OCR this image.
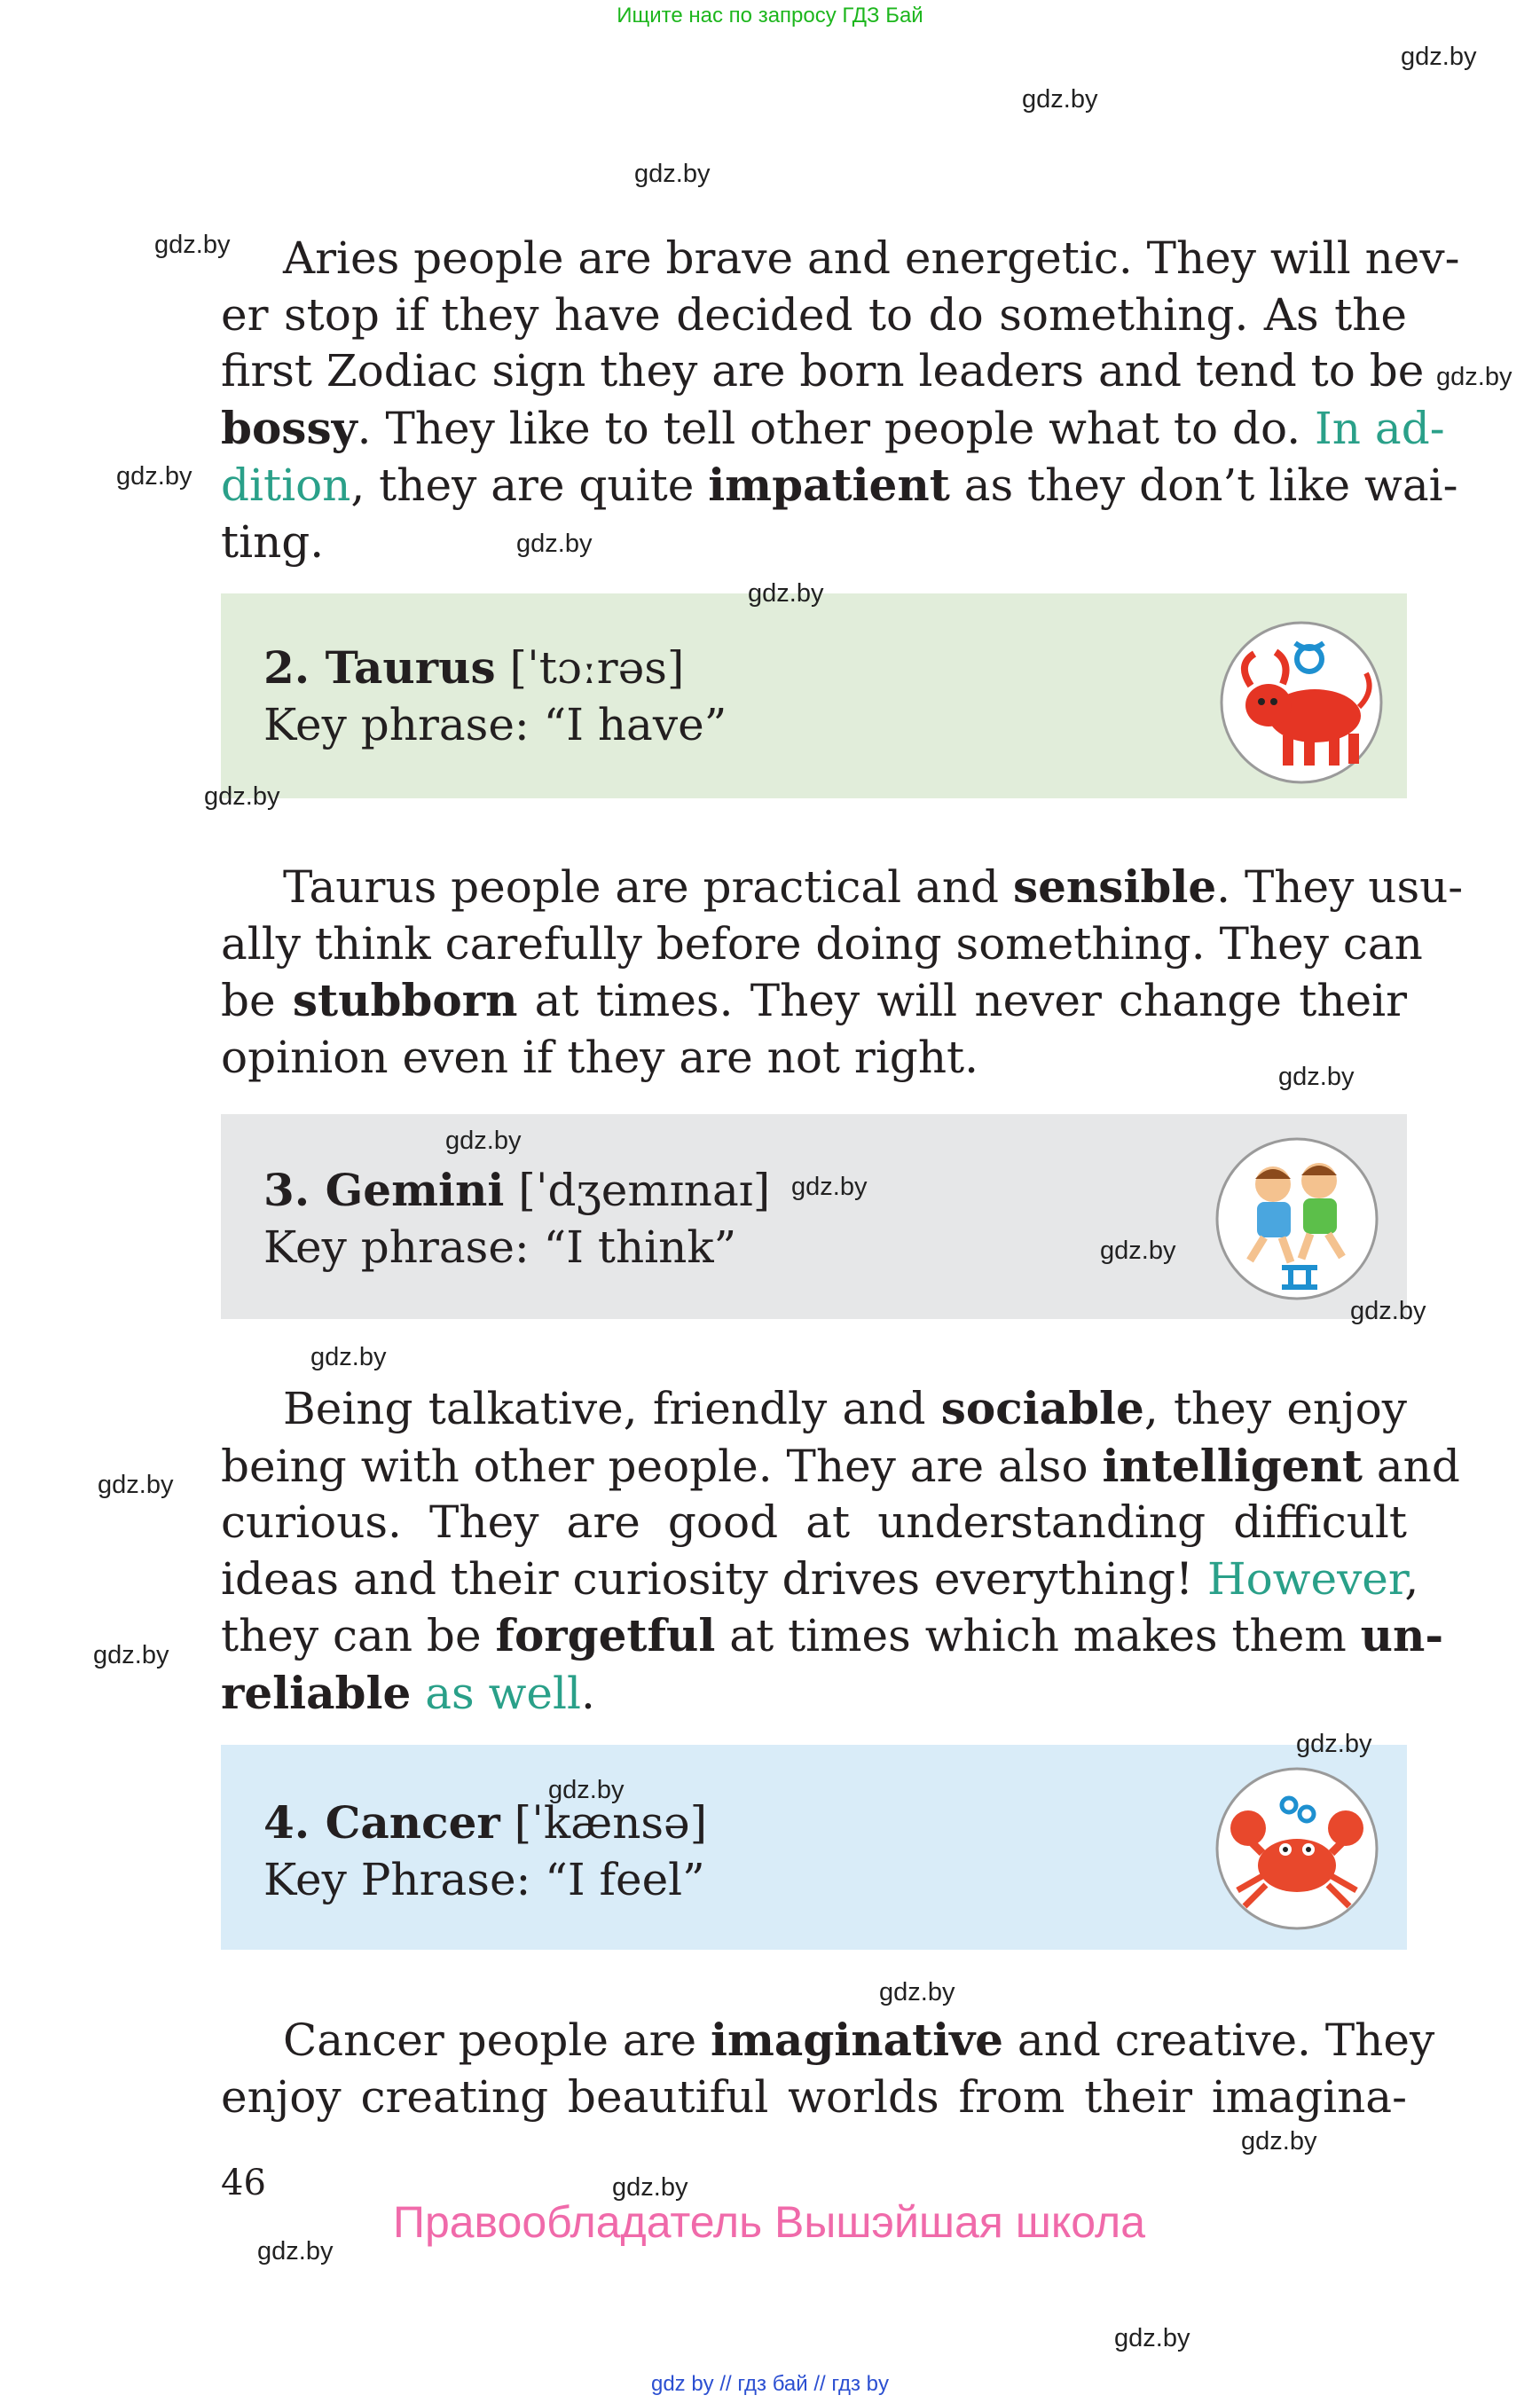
Ищите нас по запросу ГДЗ Бай
Aries people are brave and energetic. They will nev-
er stop if they have decided to do something. As the
first Zodiac sign they are born leaders and tend to be
bossy. They like to tell other people what to do. In ad-
dition, they are quite impatient as they don’t like wai-
ting.
2. Taurus [ˈtɔːrəs]
Key phrase: “I have”
Taurus people are practical and sensible. They usu-
ally think carefully before doing something. They can
be stubborn at times. They will never change their
opinion even if they are not right.
3. Gemini [ˈdʒemɪnaɪ]
Key phrase: “I think”
Being talkative, friendly and sociable, they enjoy
being with other people. They are also intelligent and
curious. They are good at understanding difficult
ideas and their curiosity drives everything! However,
they can be forgetful at times which makes them un-
reliable as well.
4. Cancer [ˈkænsə]
Key Phrase: “I feel”
Cancer people are imaginative and creative. They
enjoy creating beautiful worlds from their imagina-
46
Правообладатель Вышэйшая школа
gdz by // гдз бай // гдз by
gdz.by
gdz.by
gdz.by
gdz.by
gdz.by
gdz.by
gdz.by
gdz.by
gdz.by
gdz.by
gdz.by
gdz.by
gdz.by
gdz.by
gdz.by
gdz.by
gdz.by
gdz.by
gdz.by
gdz.by
gdz.by
gdz.by
gdz.by
gdz.by
